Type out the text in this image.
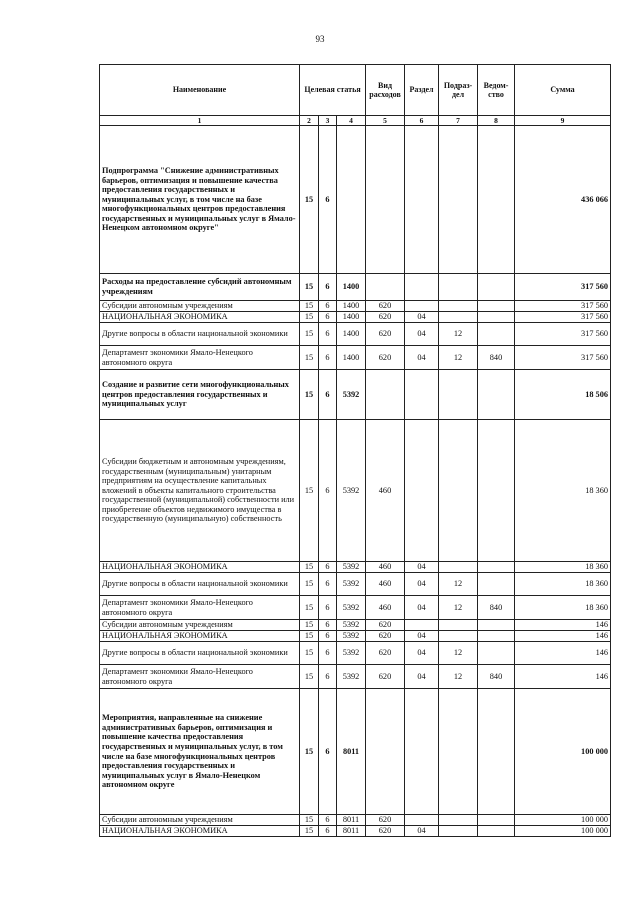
93
Наименование	Целевая статья			Вид расходов	Раздел	Подраз-дел	Ведом-ство	Сумма
1	2	3	4	5	6	7	8	9
Подпрограмма "Снижение административных барьеров, оптимизация и повышение качества предоставления государственных и муниципальных услуг, в том числе на базе многофункциональных центров предоставления государственных и муниципальных услуг в Ямало-Ненецком автономном округе"	15	6						436 066
Расходы на предоставление субсидий автономным учреждениям	15	6	1400					317 560
Субсидии автономным учреждениям	15	6	1400	620				317 560
НАЦИОНАЛЬНАЯ ЭКОНОМИКА	15	6	1400	620	04			317 560
Другие вопросы в области национальной экономики	15	6	1400	620	04	12		317 560
Департамент экономики Ямало-Ненецкого автономного округа	15	6	1400	620	04	12	840	317 560
Создание и развитие сети многофункциональных центров предоставления государственных и муниципальных услуг	15	6	5392					18 506
Субсидии бюджетным и автономным учреждениям, государственным (муниципальным) унитарным предприятиям на осуществление капитальных вложений в объекты капитального строительства государственной (муниципальной) собственности или приобретение объектов недвижимого имущества в государственную (муниципальную) собственность	15	6	5392	460				18 360
НАЦИОНАЛЬНАЯ ЭКОНОМИКА	15	6	5392	460	04			18 360
Другие вопросы в области национальной экономики	15	6	5392	460	04	12		18 360
Департамент экономики Ямало-Ненецкого автономного округа	15	6	5392	460	04	12	840	18 360
Субсидии автономным учреждениям	15	6	5392	620				146
НАЦИОНАЛЬНАЯ ЭКОНОМИКА	15	6	5392	620	04			146
Другие вопросы в области национальной экономики	15	6	5392	620	04	12		146
Департамент экономики Ямало-Ненецкого автономного округа	15	6	5392	620	04	12	840	146
Мероприятия, направленные на снижение административных барьеров, оптимизация и повышение качества предоставления государственных и муниципальных услуг, в том числе на базе многофункциональных центров предоставления государственных и муниципальных услуг в Ямало-Ненецком автономном округе	15	6	8011					100 000
Субсидии автономным учреждениям	15	6	8011	620				100 000
НАЦИОНАЛЬНАЯ ЭКОНОМИКА	15	6	8011	620	04			100 000
